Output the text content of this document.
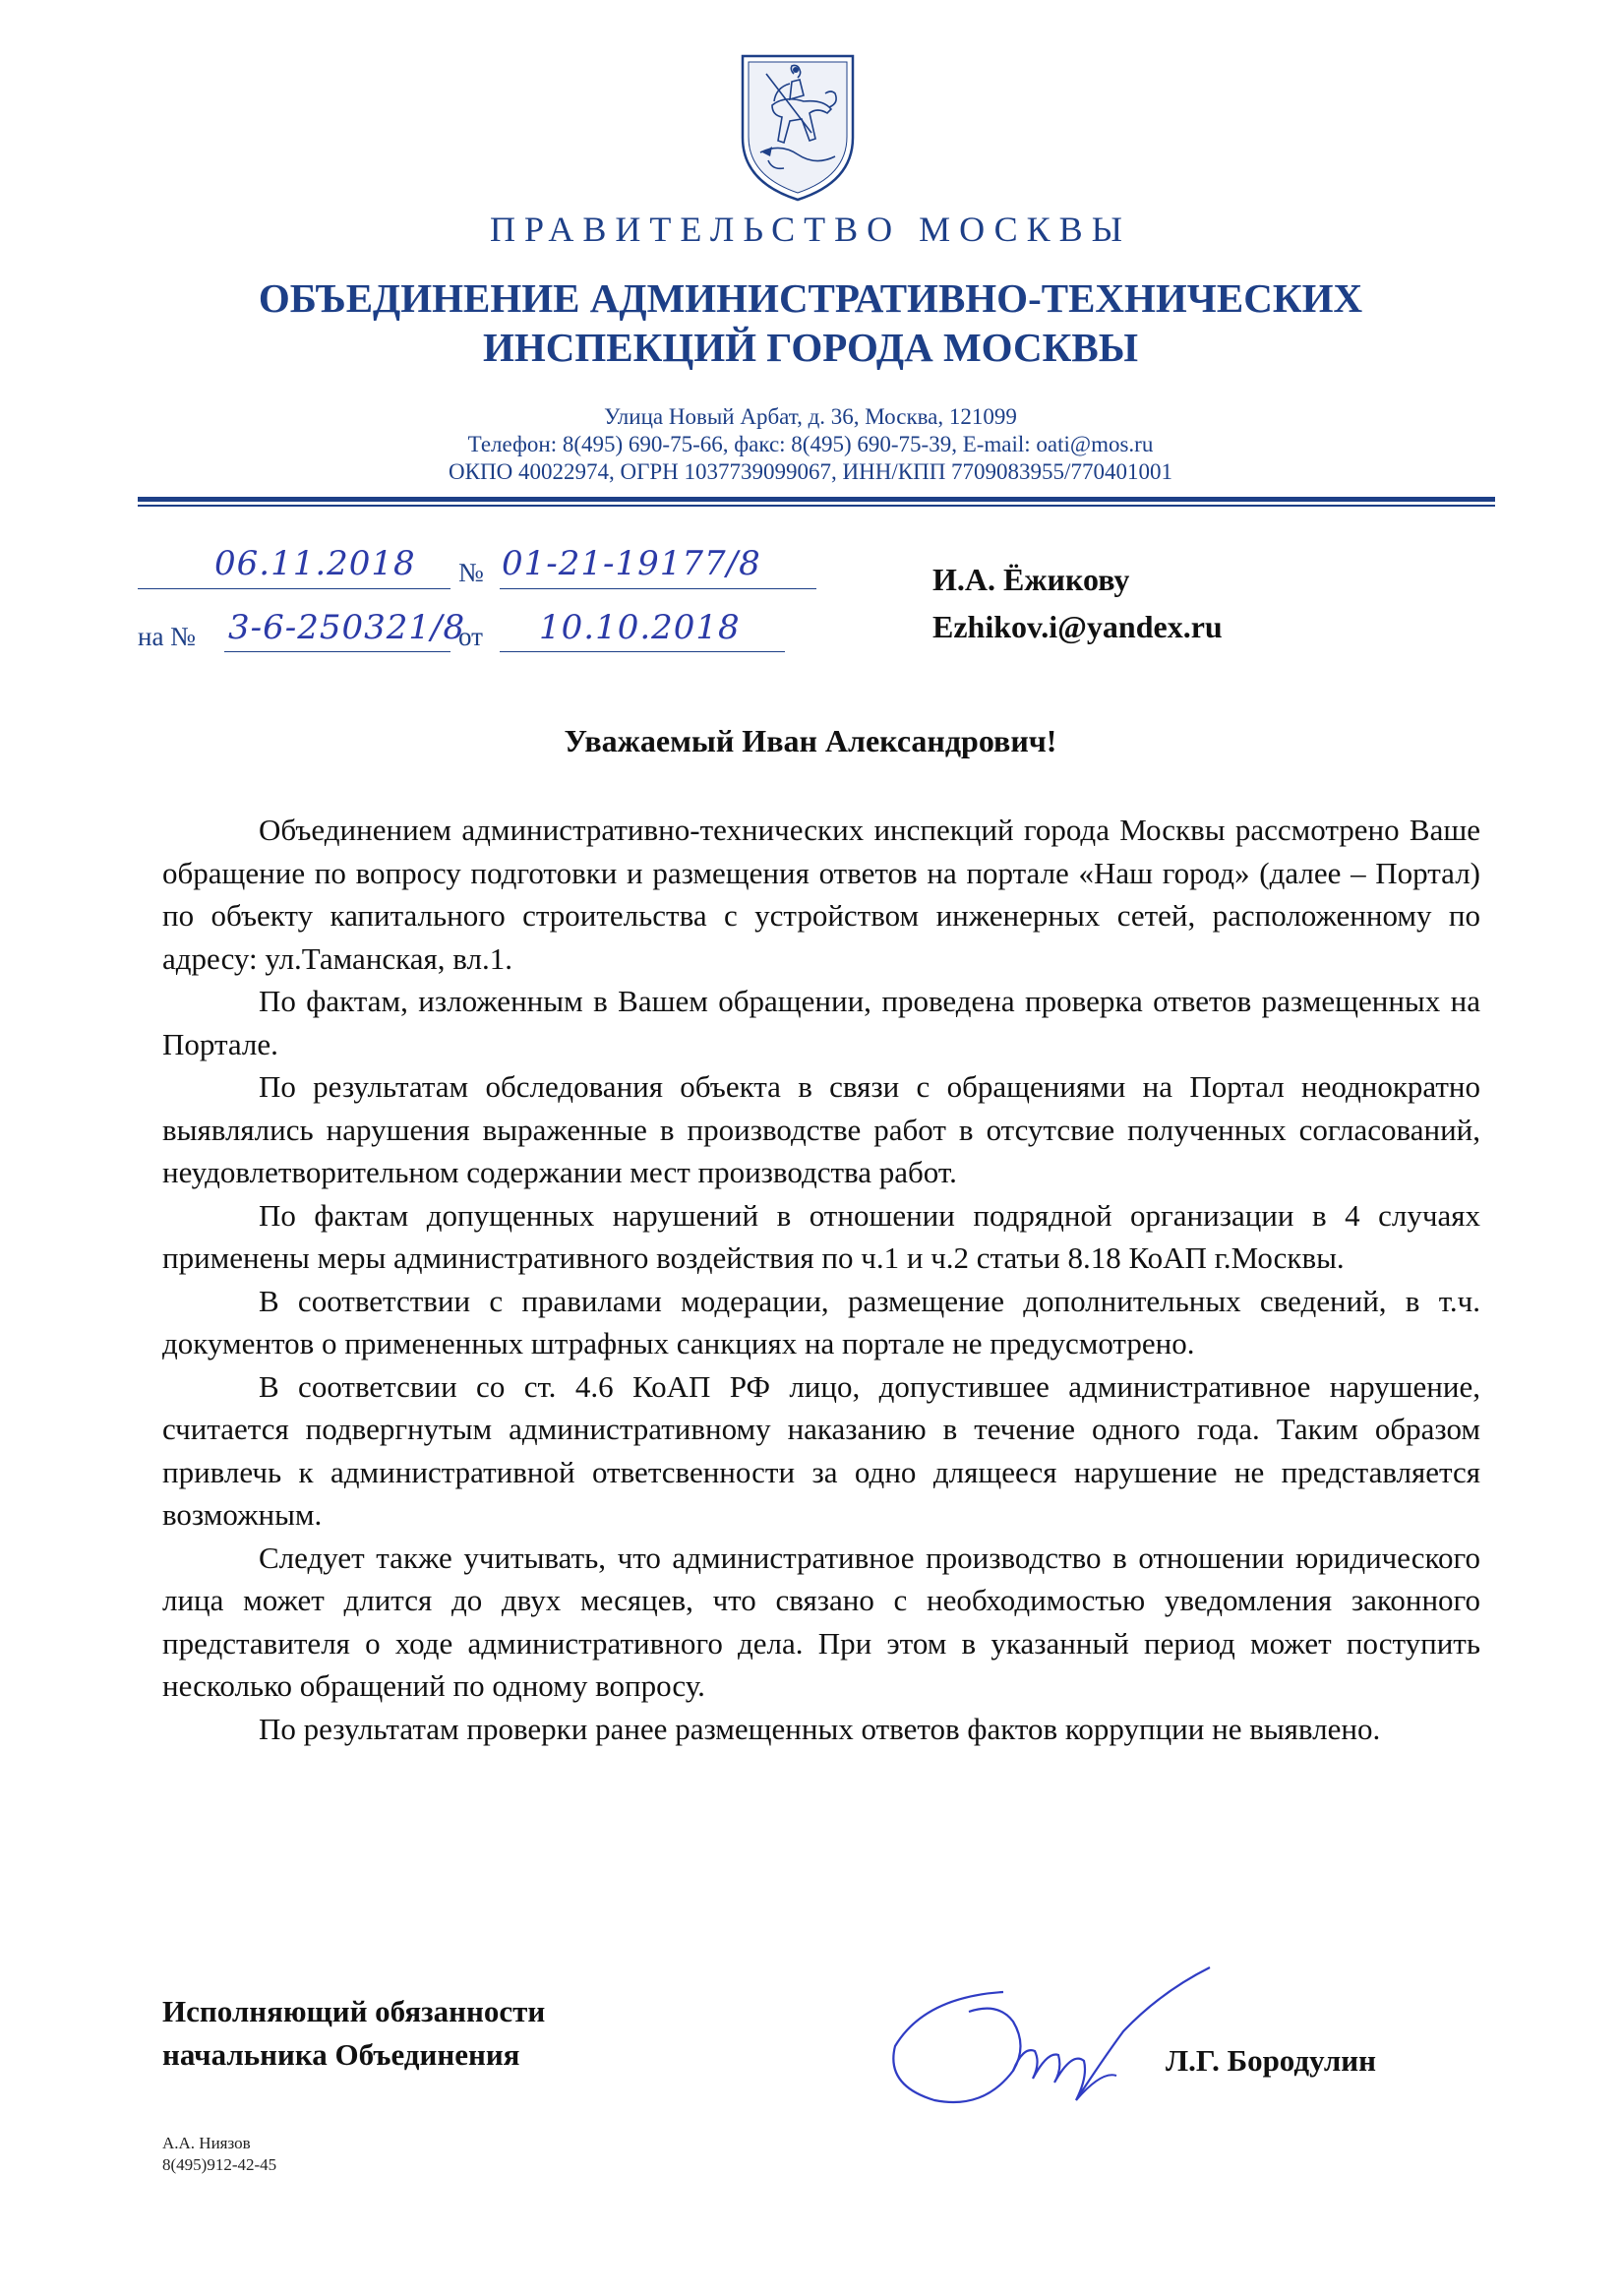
ПРАВИТЕЛЬСТВО МОСКВЫ
ОБЪЕДИНЕНИЕ АДМИНИСТРАТИВНО-ТЕХНИЧЕСКИХ
ИНСПЕКЦИЙ ГОРОДА МОСКВЫ
Улица Новый Арбат, д. 36, Москва, 121099
Телефон: 8(495) 690-75-66, факс: 8(495) 690-75-39, E-mail: oati@mos.ru
ОКПО 40022974, ОГРН 1037739099067, ИНН/КПП 7709083955/770401001
06.11.2018 № 01-21-19177/8
на № 3-6-250321/8
от 10.10.2018
И.А. Ёжикову
Ezhikov.i@yandex.ru
Уважаемый Иван Александрович!

Объединением административно-технических инспекций города Москвы рассмотрено Ваше обращение по вопросу подготовки и размещения ответов на портале «Наш город» (далее – Портал) по объекту капитального строительства с устройством инженерных сетей, расположенному по адресу: ул.Таманская, вл.1.

По фактам, изложенным в Вашем обращении, проведена проверка ответов размещенных на Портале.

По результатам обследования объекта в связи с обращениями на Портал неоднократно выявлялись нарушения выраженные в производстве работ в отсутсвие полученных согласований, неудовлетворительном содержании мест производства работ.

По фактам допущенных нарушений в отношении подрядной организации в 4 случаях применены меры административного воздействия по ч.1 и ч.2 статьи 8.18 КоАП г.Москвы.

В соответствии с правилами модерации, размещение дополнительных сведений, в т.ч. документов о примененных штрафных санкциях на портале не предусмотрено.

В соответсвии со ст. 4.6 КоАП РФ лицо, допустившее административное нарушение, считается подвергнутым административному наказанию в течение одного года. Таким образом привлечь к административной ответсвенности за одно длящееся нарушение не представляется возможным.

Следует также учитывать, что административное производство в отношении юридического лица может длится до двух месяцев, что связано с необходимостью уведомления законного представителя о ходе административного дела. При этом в указанный период может поступить несколько обращений по одному вопросу.

По результатам проверки ранее размещенных ответов фактов коррупции не выявлено.

Исполняющий обязанности
начальника Объединения	Л.Г. Бородулин
А.А. Ниязов
8(495)912-42-45
